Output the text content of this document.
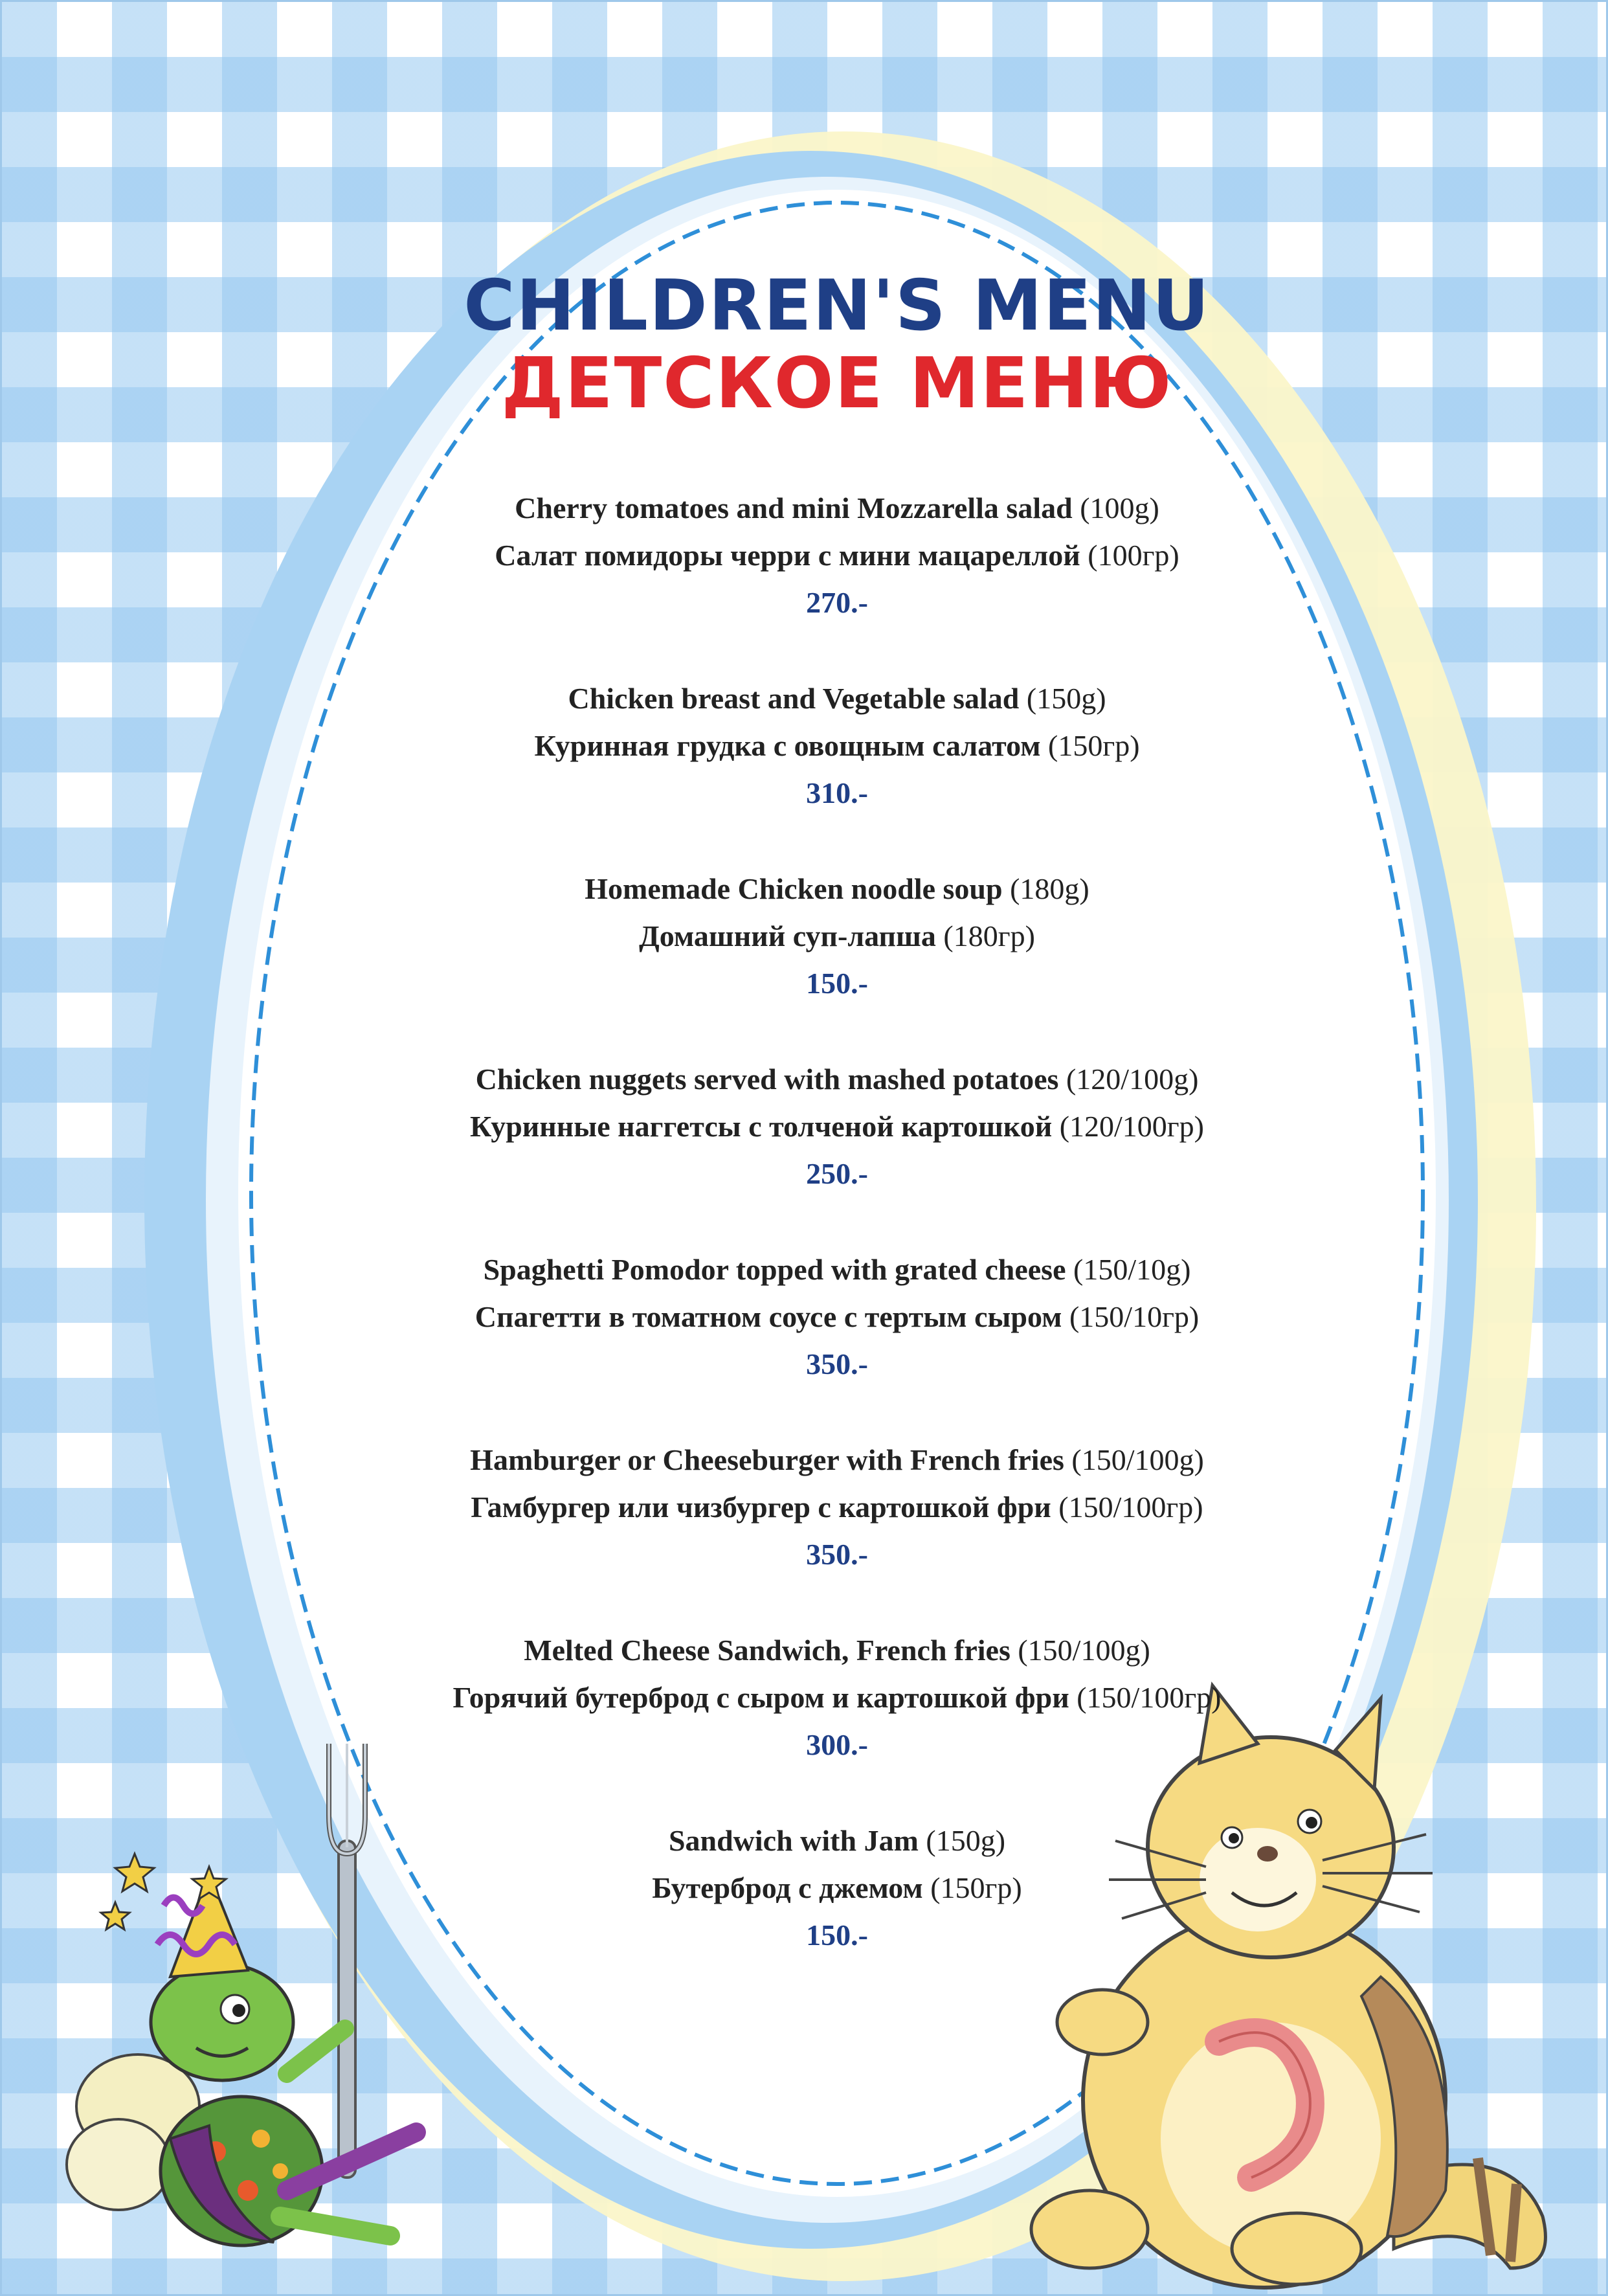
CHILDREN'S MENU
ДЕТСКОЕ МЕНЮ
Cherry tomatoes and mini Mozzarella salad (100g)
Салат помидоры черри с мини мацареллой (100гр)
270.-
Chicken breast and Vegetable salad (150g)
Куринная грудка с овощным салатом (150гр)
310.-
Homemade Chicken noodle soup (180g)
Домашний суп-лапша (180гр)
150.-
Chicken nuggets served with mashed potatoes (120/100g)
Куринные наггетсы с толченой картошкой (120/100гр)
250.-
Spaghetti Pomodor topped with grated cheese (150/10g)
Спагетти в томатном соусе с тертым сыром (150/10гр)
350.-
Hamburger or Cheeseburger with French fries (150/100g)
Гамбургер или чизбургер с картошкой фри (150/100гр)
350.-
Melted Cheese Sandwich, French fries (150/100g)
Горячий бутерброд с сыром и картошкой фри (150/100гр)
300.-
Sandwich with Jam (150g)
Бутерброд с джемом (150гр)
150.-
